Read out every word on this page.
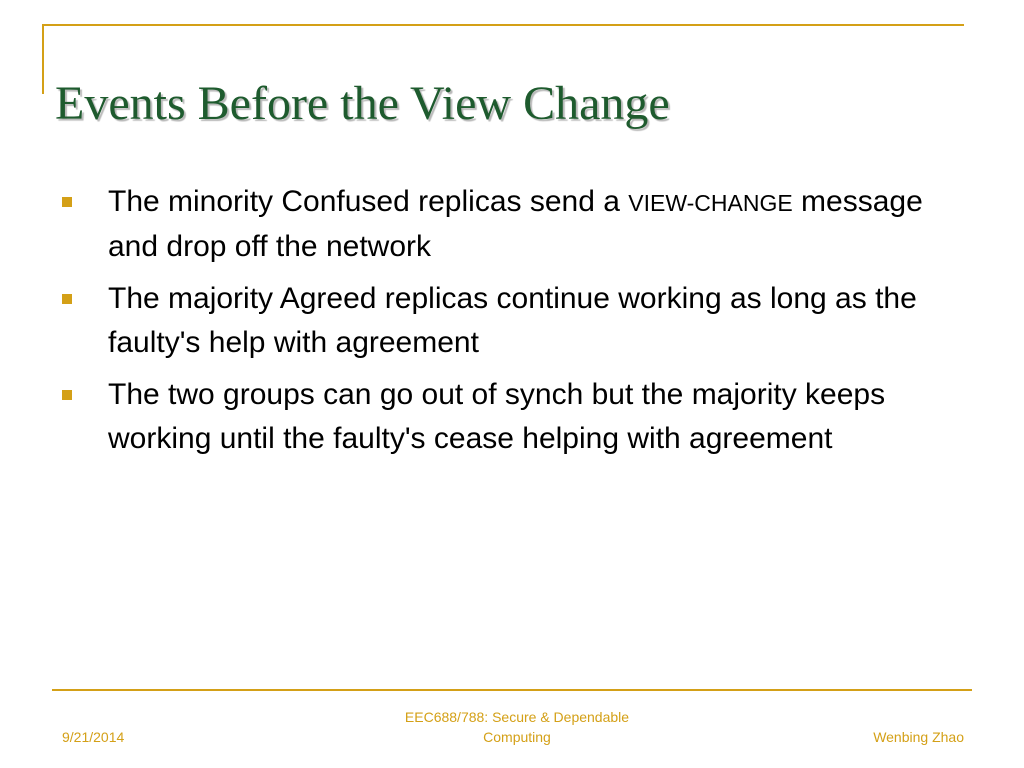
Events Before the View Change
The minority Confused replicas send a VIEW-CHANGE message and drop off the network
The majority Agreed replicas continue working as long as the faulty's help with agreement
The two groups can go out of synch but the majority keeps working until the faulty's cease helping with agreement
9/21/2014
EEC688/788: Secure & Dependable
Computing	Wenbing Zhao
